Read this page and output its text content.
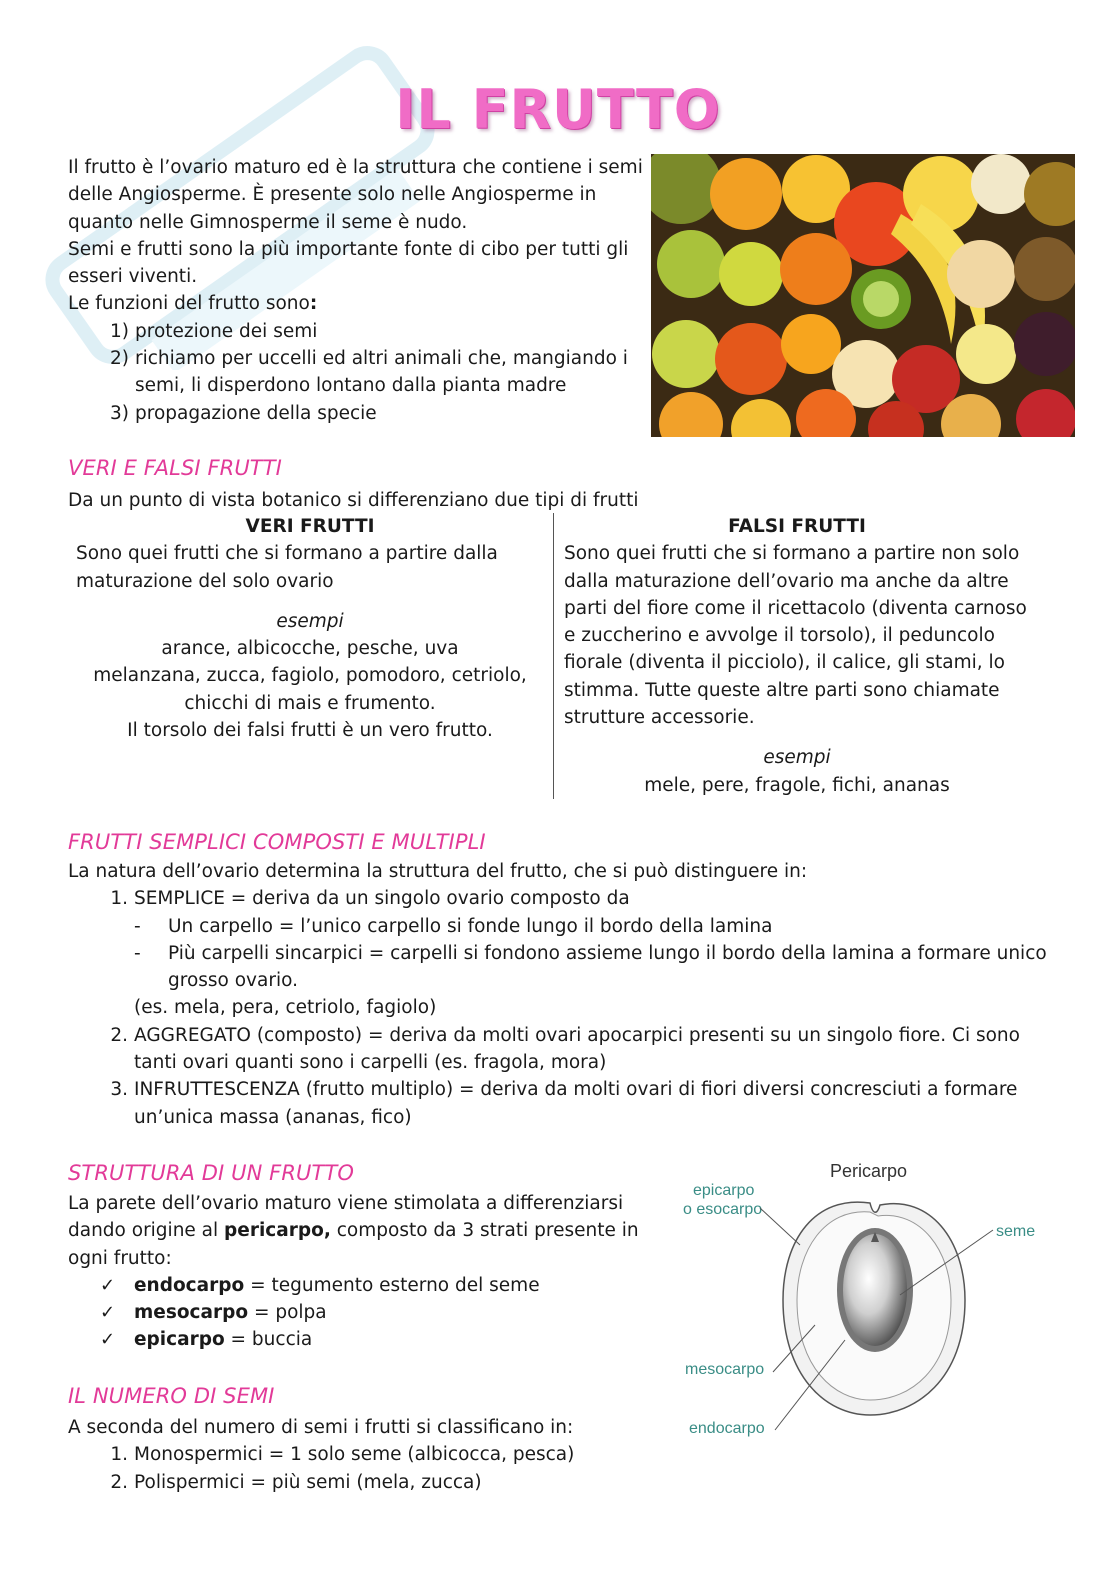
IL FRUTTO
Il frutto è l’ovario maturo ed è la struttura che contiene i semi delle Angiosperme. È presente solo nelle Angiosperme in quanto nelle Gimnosperme il seme è nudo.
Semi e frutti sono la più importante fonte di cibo per tutti gli esseri viventi.
Le funzioni del frutto sono:
1) protezione dei semi
2) richiamo per uccelli ed altri animali che, mangiando i semi, li disperdono lontano dalla pianta madre
3) propagazione della specie
VERI E FALSI FRUTTI
Da un punto di vista botanico si differenziano due tipi di frutti
VERI FRUTTI
Sono quei frutti che si formano a partire dalla maturazione del solo ovario
esempi
arance, albicocche, pesche, uva
melanzana, zucca, fagiolo, pomodoro, cetriolo,
chicchi di mais e frumento.
Il torsolo dei falsi frutti è un vero frutto.
FALSI FRUTTI
Sono quei frutti che si formano a partire non solo dalla maturazione dell’ovario ma anche da altre parti del fiore come il ricettacolo (diventa carnoso e zuccherino e avvolge il torsolo), il peduncolo fiorale (diventa il picciolo), il calice, gli stami, lo stimma. Tutte queste altre parti sono chiamate strutture accessorie.
esempi
mele, pere, fragole, fichi, ananas
FRUTTI SEMPLICI COMPOSTI E MULTIPLI
La natura dell’ovario determina la struttura del frutto, che si può distinguere in:
1. SEMPLICE = deriva da un singolo ovario composto da
- Un carpello = l’unico carpello si fonde lungo il bordo della lamina
- Più carpelli sincarpici = carpelli si fondono assieme lungo il bordo della lamina a formare unico grosso ovario.
(es. mela, pera, cetriolo, fagiolo)
2. AGGREGATO (composto) = deriva da molti ovari apocarpici presenti su un singolo fiore. Ci sono tanti ovari quanti sono i carpelli (es. fragola, mora)
3. INFRUTTESCENZA (frutto multiplo) = deriva da molti ovari di fiori diversi concresciuti a formare un’unica massa (ananas, fico)
STRUTTURA DI UN FRUTTO
La parete dell’ovario maturo viene stimolata a differenziarsi dando origine al pericarpo, composto da 3 strati presente in ogni frutto:
✓ endocarpo = tegumento esterno del seme
✓ mesocarpo = polpa
✓ epicarpo = buccia
Pericarpo
epicarpo
o esocarpo
seme
mesocarpo
endocarpo
IL NUMERO DI SEMI
A seconda del numero di semi i frutti si classificano in:
1. Monospermici = 1 solo seme (albicocca, pesca)
2. Polispermici = più semi (mela, zucca)
